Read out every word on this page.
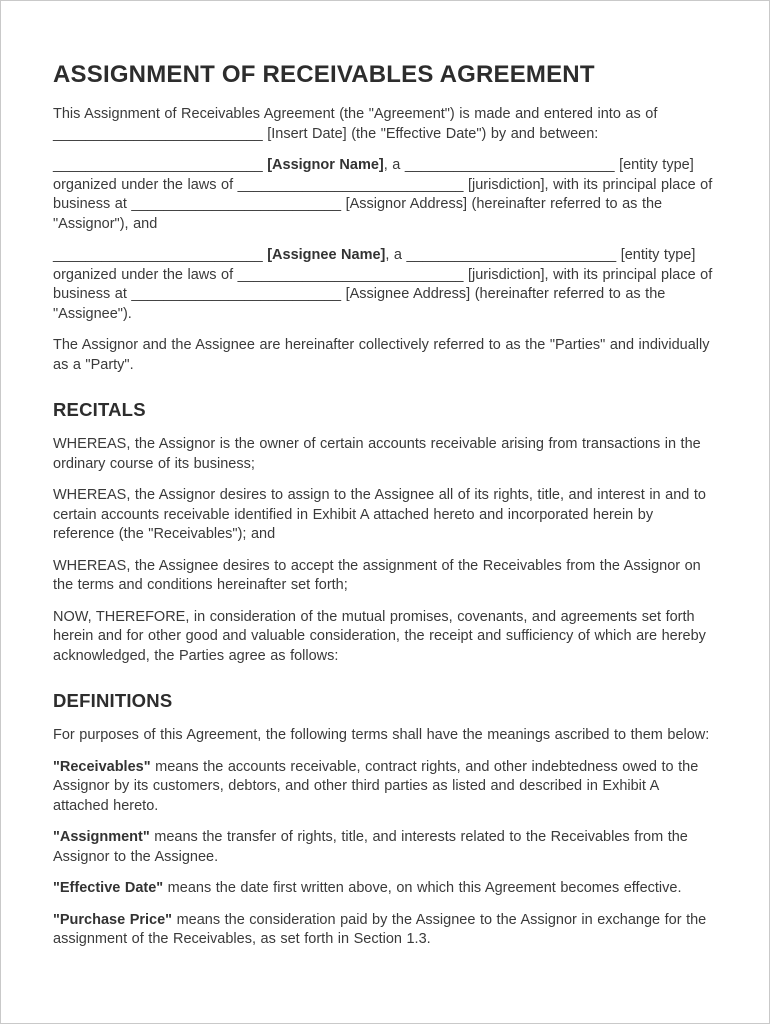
ASSIGNMENT OF RECEIVABLES AGREEMENT

This Assignment of Receivables Agreement (the "Agreement") is made and entered into as of __________________________ [Insert Date] (the "Effective Date") by and between:

__________________________ [Assignor Name], a __________________________ [entity type] organized under the laws of ____________________________ [jurisdiction], with its principal place of business at __________________________ [Assignor Address] (hereinafter referred to as the "Assignor"), and

__________________________ [Assignee Name], a __________________________ [entity type] organized under the laws of ____________________________ [jurisdiction], with its principal place of business at __________________________ [Assignee Address] (hereinafter referred to as the "Assignee").

The Assignor and the Assignee are hereinafter collectively referred to as the "Parties" and individually as a "Party".

RECITALS

WHEREAS, the Assignor is the owner of certain accounts receivable arising from transactions in the ordinary course of its business;

WHEREAS, the Assignor desires to assign to the Assignee all of its rights, title, and interest in and to certain accounts receivable identified in Exhibit A attached hereto and incorporated herein by reference (the "Receivables"); and

WHEREAS, the Assignee desires to accept the assignment of the Receivables from the Assignor on the terms and conditions hereinafter set forth;

NOW, THEREFORE, in consideration of the mutual promises, covenants, and agreements set forth herein and for other good and valuable consideration, the receipt and sufficiency of which are hereby acknowledged, the Parties agree as follows:

DEFINITIONS

For purposes of this Agreement, the following terms shall have the meanings ascribed to them below:

"Receivables" means the accounts receivable, contract rights, and other indebtedness owed to the Assignor by its customers, debtors, and other third parties as listed and described in Exhibit A attached hereto.

"Assignment" means the transfer of rights, title, and interests related to the Receivables from the Assignor to the Assignee.

"Effective Date" means the date first written above, on which this Agreement becomes effective.

"Purchase Price" means the consideration paid by the Assignee to the Assignor in exchange for the assignment of the Receivables, as set forth in Section 1.3.
